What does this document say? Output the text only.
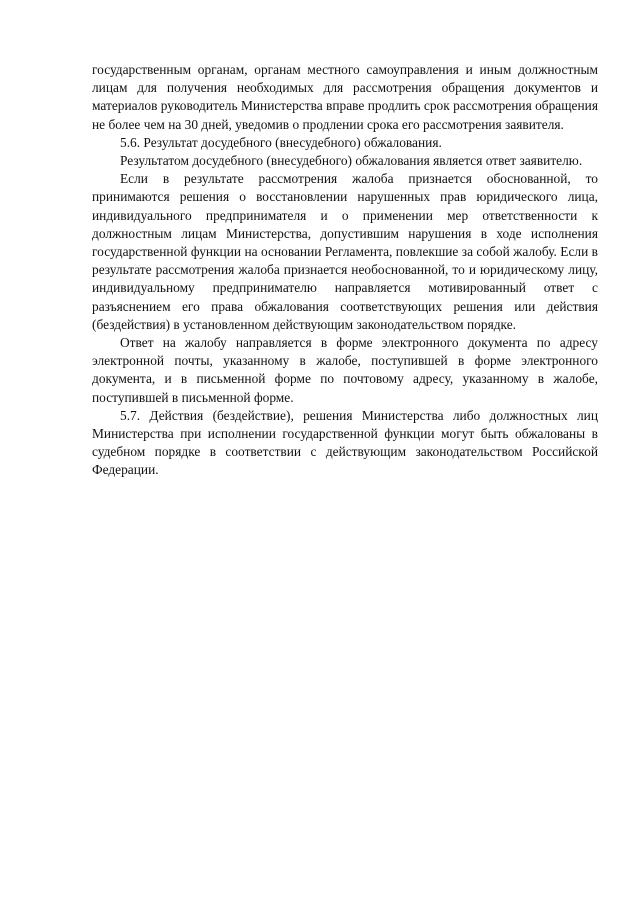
государственным органам, органам местного самоуправления и иным должностным лицам для получения необходимых для рассмотрения обращения документов и материалов руководитель Министерства вправе продлить срок рассмотрения обращения не более чем на 30 дней, уведомив о продлении срока его рассмотрения заявителя.

5.6. Результат досудебного (внесудебного) обжалования.

Результатом досудебного (внесудебного) обжалования является ответ заявителю.

Если в результате рассмотрения жалоба признается обоснованной, то принимаются решения о восстановлении нарушенных прав юридического лица, индивидуального предпринимателя и о применении мер ответственности к должностным лицам Министерства, допустившим нарушения в ходе исполнения государственной функции на основании Регламента, повлекшие за собой жалобу. Если в результате рассмотрения жалоба признается необоснованной, то и юридическому лицу, индивидуальному предпринимателю направляется мотивированный ответ с разъяснением его права обжалования соответствующих решения или действия (бездействия) в установленном действующим законодательством порядке.

Ответ на жалобу направляется в форме электронного документа по адресу электронной почты, указанному в жалобе, поступившей в форме электронного документа, и в письменной форме по почтовому адресу, указанному в жалобе, поступившей в письменной форме.

5.7. Действия (бездействие), решения Министерства либо должностных лиц Министерства при исполнении государственной функции могут быть обжалованы в судебном порядке в соответствии с действующим законодательством Российской Федерации.
